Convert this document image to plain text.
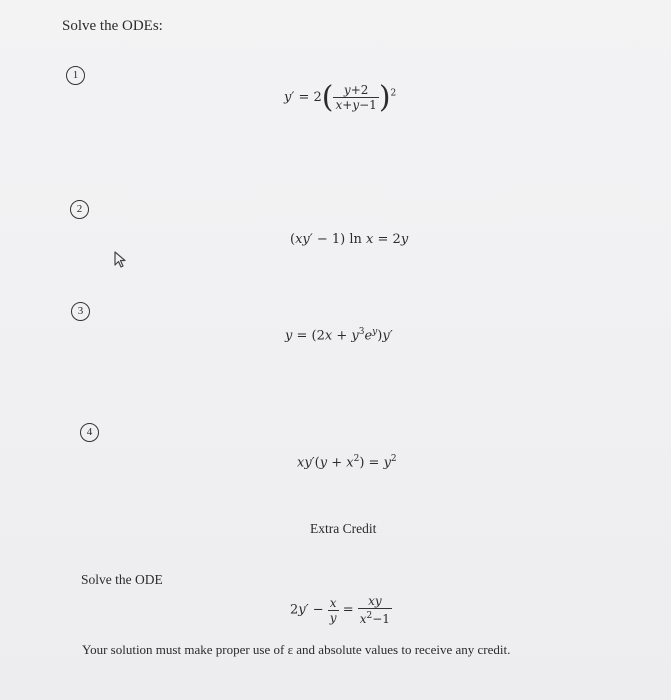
Solve the ODEs:
1
$y' = 2( \frac{y+2}{x+y-1} )^2$
2
(xy′ − 1) ln x = 2y
3
$y = (2x + y^3e^y)y'$
4
$xy'(y + x^2) = y^2$
Extra Credit
Solve the ODE
$2y' - \frac{x}{y} = \frac{xy}{x^2-1}$
Your solution must make proper use of ε and absolute values to receive any credit.
